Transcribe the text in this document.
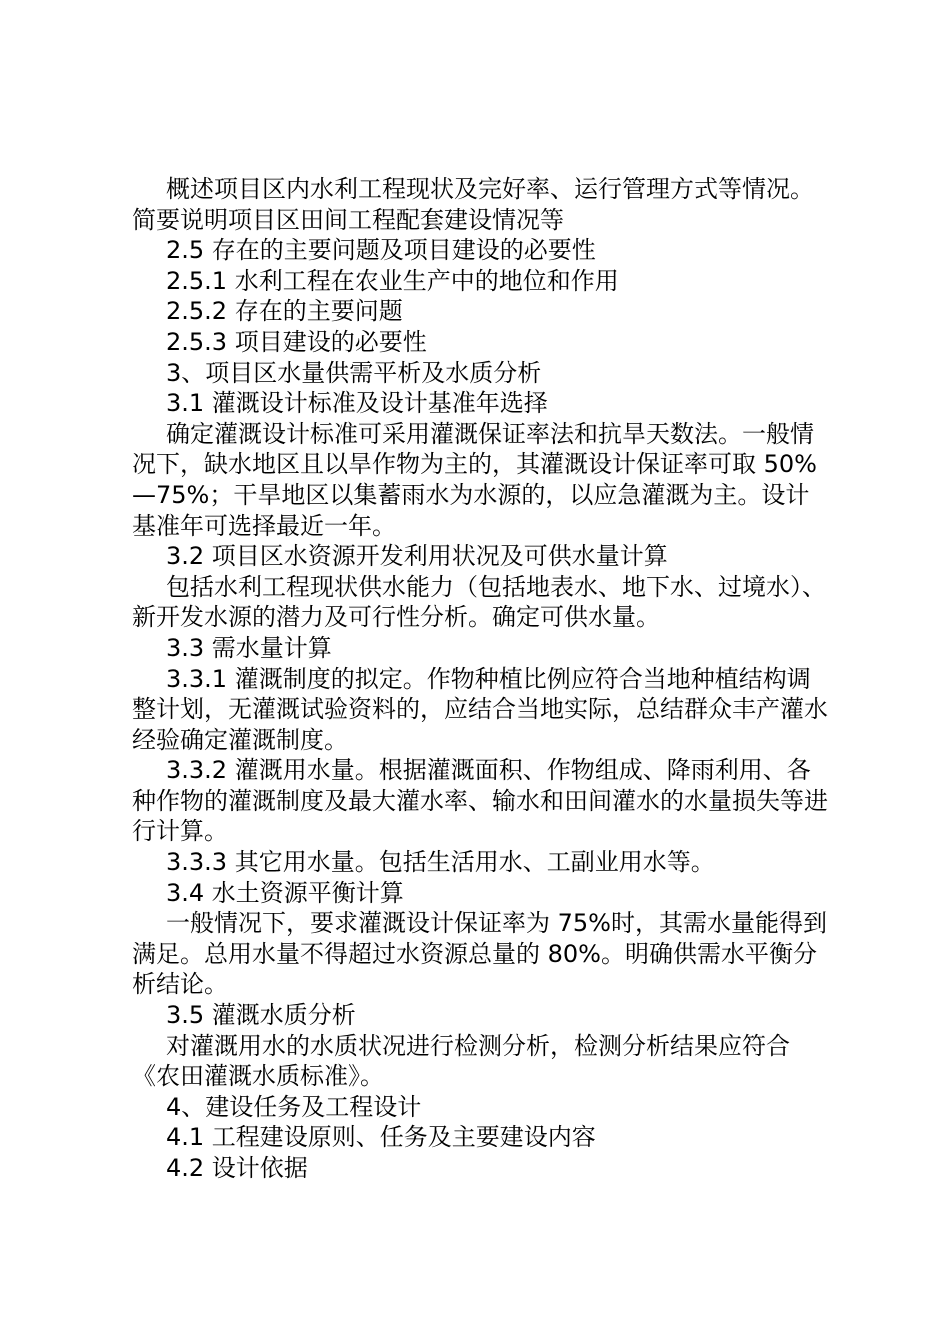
概述项目区内水利工程现状及完好率、运行管理方式等情况。简要说明项目区田间工程配套建设情况等

2.5 存在的主要问题及项目建设的必要性

2.5.1 水利工程在农业生产中的地位和作用

2.5.2 存在的主要问题

2.5.3 项目建设的必要性

3、项目区水量供需平析及水质分析

3.1 灌溉设计标准及设计基准年选择

确定灌溉设计标准可采用灌溉保证率法和抗旱天数法。一般情况下，缺水地区且以旱作物为主的，其灌溉设计保证率可取 50%—75%；干旱地区以集蓄雨水为水源的，以应急灌溉为主。设计基准年可选择最近一年。

3.2 项目区水资源开发利用状况及可供水量计算

包括水利工程现状供水能力（包括地表水、地下水、过境水）、新开发水源的潜力及可行性分析。确定可供水量。

3.3 需水量计算

3.3.1 灌溉制度的拟定。作物种植比例应符合当地种植结构调整计划，无灌溉试验资料的，应结合当地实际，总结群众丰产灌水经验确定灌溉制度。

3.3.2 灌溉用水量。根据灌溉面积、作物组成、降雨利用、各种作物的灌溉制度及最大灌水率、输水和田间灌水的水量损失等进行计算。

3.3.3 其它用水量。包括生活用水、工副业用水等。

3.4 水土资源平衡计算

一般情况下，要求灌溉设计保证率为 75%时，其需水量能得到满足。总用水量不得超过水资源总量的 80%。明确供需水平衡分析结论。

3.5 灌溉水质分析

对灌溉用水的水质状况进行检测分析，检测分析结果应符合《农田灌溉水质标准》。

4、建设任务及工程设计

4.1 工程建设原则、任务及主要建设内容

4.2 设计依据
